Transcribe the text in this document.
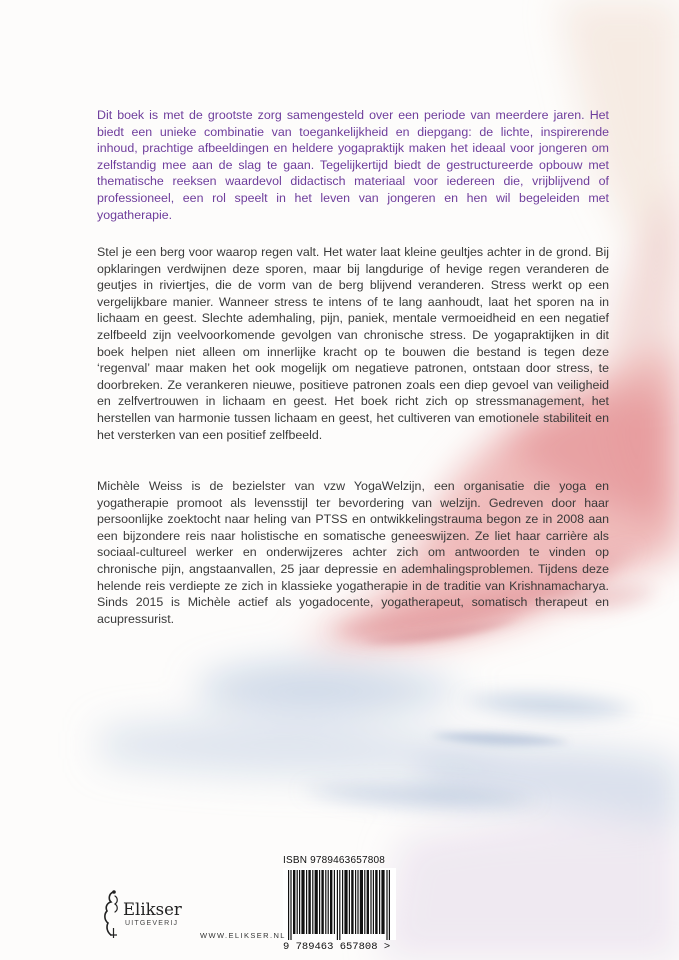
Dit boek is met de grootste zorg samengesteld over een periode van meerdere jaren. Het biedt een unieke combinatie van toegankelijkheid en diepgang: de lichte, inspirerende inhoud, prachtige afbeeldingen en heldere yogapraktijk maken het ideaal voor jongeren om zelfstandig mee aan de slag te gaan. Tegelijkertijd biedt de gestructureerde opbouw met thematische reeksen waardevol didactisch materiaal voor iedereen die, vrijblijvend of professioneel, een rol speelt in het leven van jongeren en hen wil begeleiden met yogatherapie.

Stel je een berg voor waarop regen valt. Het water laat kleine geultjes achter in de grond. Bij opklaringen verdwijnen deze sporen, maar bij langdurige of hevige regen veranderen de geutjes in riviertjes, die de vorm van de berg blijvend veranderen. Stress werkt op een vergelijkbare manier. Wanneer stress te intens of te lang aanhoudt, laat het sporen na in lichaam en geest. Slechte ademhaling, pijn, paniek, mentale vermoeidheid en een negatief zelfbeeld zijn veelvoorkomende gevolgen van chronische stress. De yogapraktijken in dit boek helpen niet alleen om innerlijke kracht op te bouwen die bestand is tegen deze ‘regenval’ maar maken het ook mogelijk om negatieve patronen, ontstaan door stress, te doorbreken. Ze verankeren nieuwe, positieve patronen zoals een diep gevoel van veiligheid en zelfvertrouwen in lichaam en geest. Het boek richt zich op stressmanagement, het herstellen van harmonie tussen lichaam en geest, het cultiveren van emotionele stabiliteit en het versterken van een positief zelfbeeld.

Michèle Weiss is de bezielster van vzw YogaWelzijn, een organisatie die yoga en yogatherapie promoot als levensstijl ter bevordering van welzijn. Gedreven door haar persoonlijke zoektocht naar heling van PTSS en ontwikkelingstrauma begon ze in 2008 aan een bijzondere reis naar holistische en somatische geneeswijzen. Ze liet haar carrière als sociaal-cultureel werker en onderwijzeres achter zich om antwoorden te vinden op chronische pijn, angstaanvallen, 25 jaar depressie en ademhalingsproblemen. Tijdens deze helende reis verdiepte ze zich in klassieke yogatherapie in de traditie van Krishnamacharya. Sinds 2015 is Michèle actief als yogadocente, yogatherapeut, somatisch therapeut en acupressurist.

ISBN 9789463657808
9 789463 657808 >
Elikser
UITGEVERIJ
WWW.ELIKSER.NL
